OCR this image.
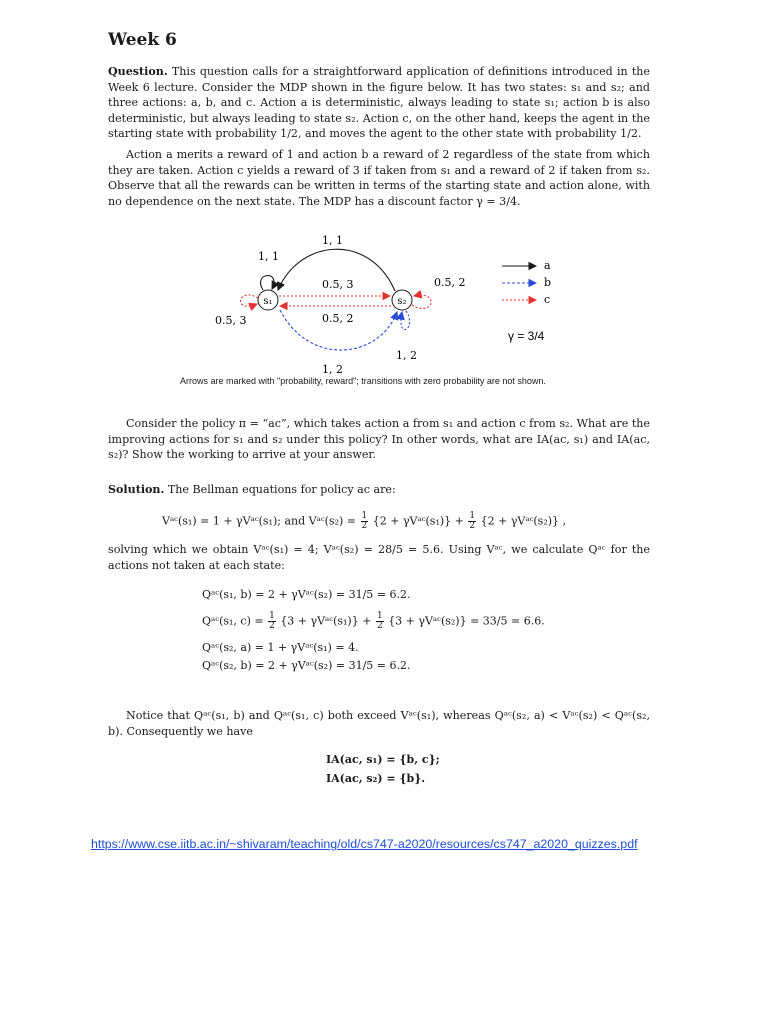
Week 6
Question. This question calls for a straightforward application of definitions introduced in the Week 6 lecture. Consider the MDP shown in the figure below. It has two states: s₁ and s₂; and three actions: a, b, and c. Action a is deterministic, always leading to state s₁; action b is also deterministic, but always leading to state s₂. Action c, on the other hand, keeps the agent in the starting state with probability 1/2, and moves the agent to the other state with probability 1/2.
Action a merits a reward of 1 and action b a reward of 2 regardless of the state from which they are taken. Action c yields a reward of 3 if taken from s₁ and a reward of 2 if taken from s₂. Observe that all the rewards can be written in terms of the starting state and action alone, with no dependence on the next state. The MDP has a discount factor γ = 3/4.
s₁	s₂
1, 1
1, 1
0.5, 3
0.5, 2
0.5, 3
0.5, 2
1, 2
1, 2
a
b
c
γ = 3/4
Arrows are marked with "probability, reward"; transitions with zero probability are not shown.
Consider the policy π = “ac”, which takes action a from s₁ and action c from s₂. What are the improving actions for s₁ and s₂ under this policy? In other words, what are IA(ac, s₁) and IA(ac, s₂)? Show the working to arrive at your answer.
Solution. The Bellman equations for policy ac are:
Vᵃᶜ(s₁) = 1 + γVᵃᶜ(s₁); and Vᵃᶜ(s₂) = $\frac{1}{2} \{2$ + γVᵃᶜ(s₁)} + $\frac{1}{2} \{2$ + γVᵃᶜ(s₂)} ,
solving which we obtain Vᵃᶜ(s₁) = 4; Vᵃᶜ(s₂) = 28/5 = 5.6. Using Vᵃᶜ, we calculate Qᵃᶜ for the actions not taken at each state:
Qᵃᶜ(s₁, b) = 2 + γVᵃᶜ(s₂) = 31/5 = 6.2.
Qᵃᶜ(s₁, $c) = \frac{1}{2} \{3$ + γVᵃᶜ(s₁)} + $\frac{1}{2} \{3$ + γVᵃᶜ(s₂)} = 33/5 = 6.6.
Qᵃᶜ(s₂, a) = 1 + γVᵃᶜ(s₁) = 4.
Qᵃᶜ(s₂, b) = 2 + γVᵃᶜ(s₂) = 31/5 = 6.2.
Notice that Qᵃᶜ(s₁, b) and Qᵃᶜ(s₁, c) both exceed Vᵃᶜ(s₁), whereas Qᵃᶜ(s₂, a) < Vᵃᶜ(s₂) < Qᵃᶜ(s₂, b). Consequently we have
IA(ac, s₁) = {b, c};
IA(ac, s₂) = {b}.
https://www.cse.iitb.ac.in/~shivaram/teaching/old/cs747-a2020/resources/cs747_a2020_quizzes.pdf
